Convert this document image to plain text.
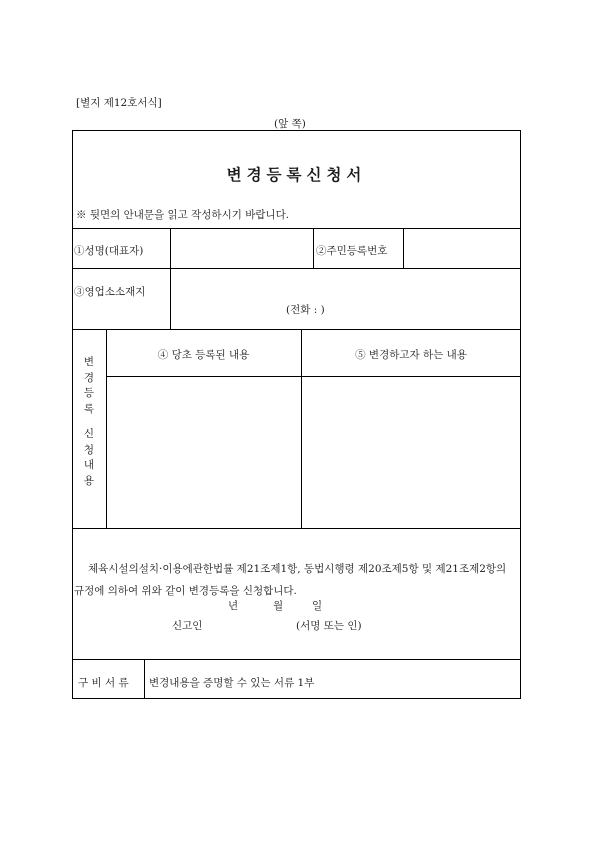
[별지 제12호서식]
(앞 쪽)
변경등록신청서
※ 뒷면의 안내문을 읽고 작성하시기 바랍니다.
①성명(대표자)	②주민등록번호
③영업소소재지
(전화 : )
변
경
등
록
신
청
내
용
④ 당초 등록된 내용	⑤ 변경하고자 하는 내용
체육시설의설치·이용에관한법률 제21조제1항, 동법시행령 제20조제5항 및 제21조제2항의 규정에 의하여 위와 같이 변경등록을 신청합니다.
년	월	일
신고인	(서명 또는 인)
구 비 서 류 변경내용을 증명할 수 있는 서류 1부
